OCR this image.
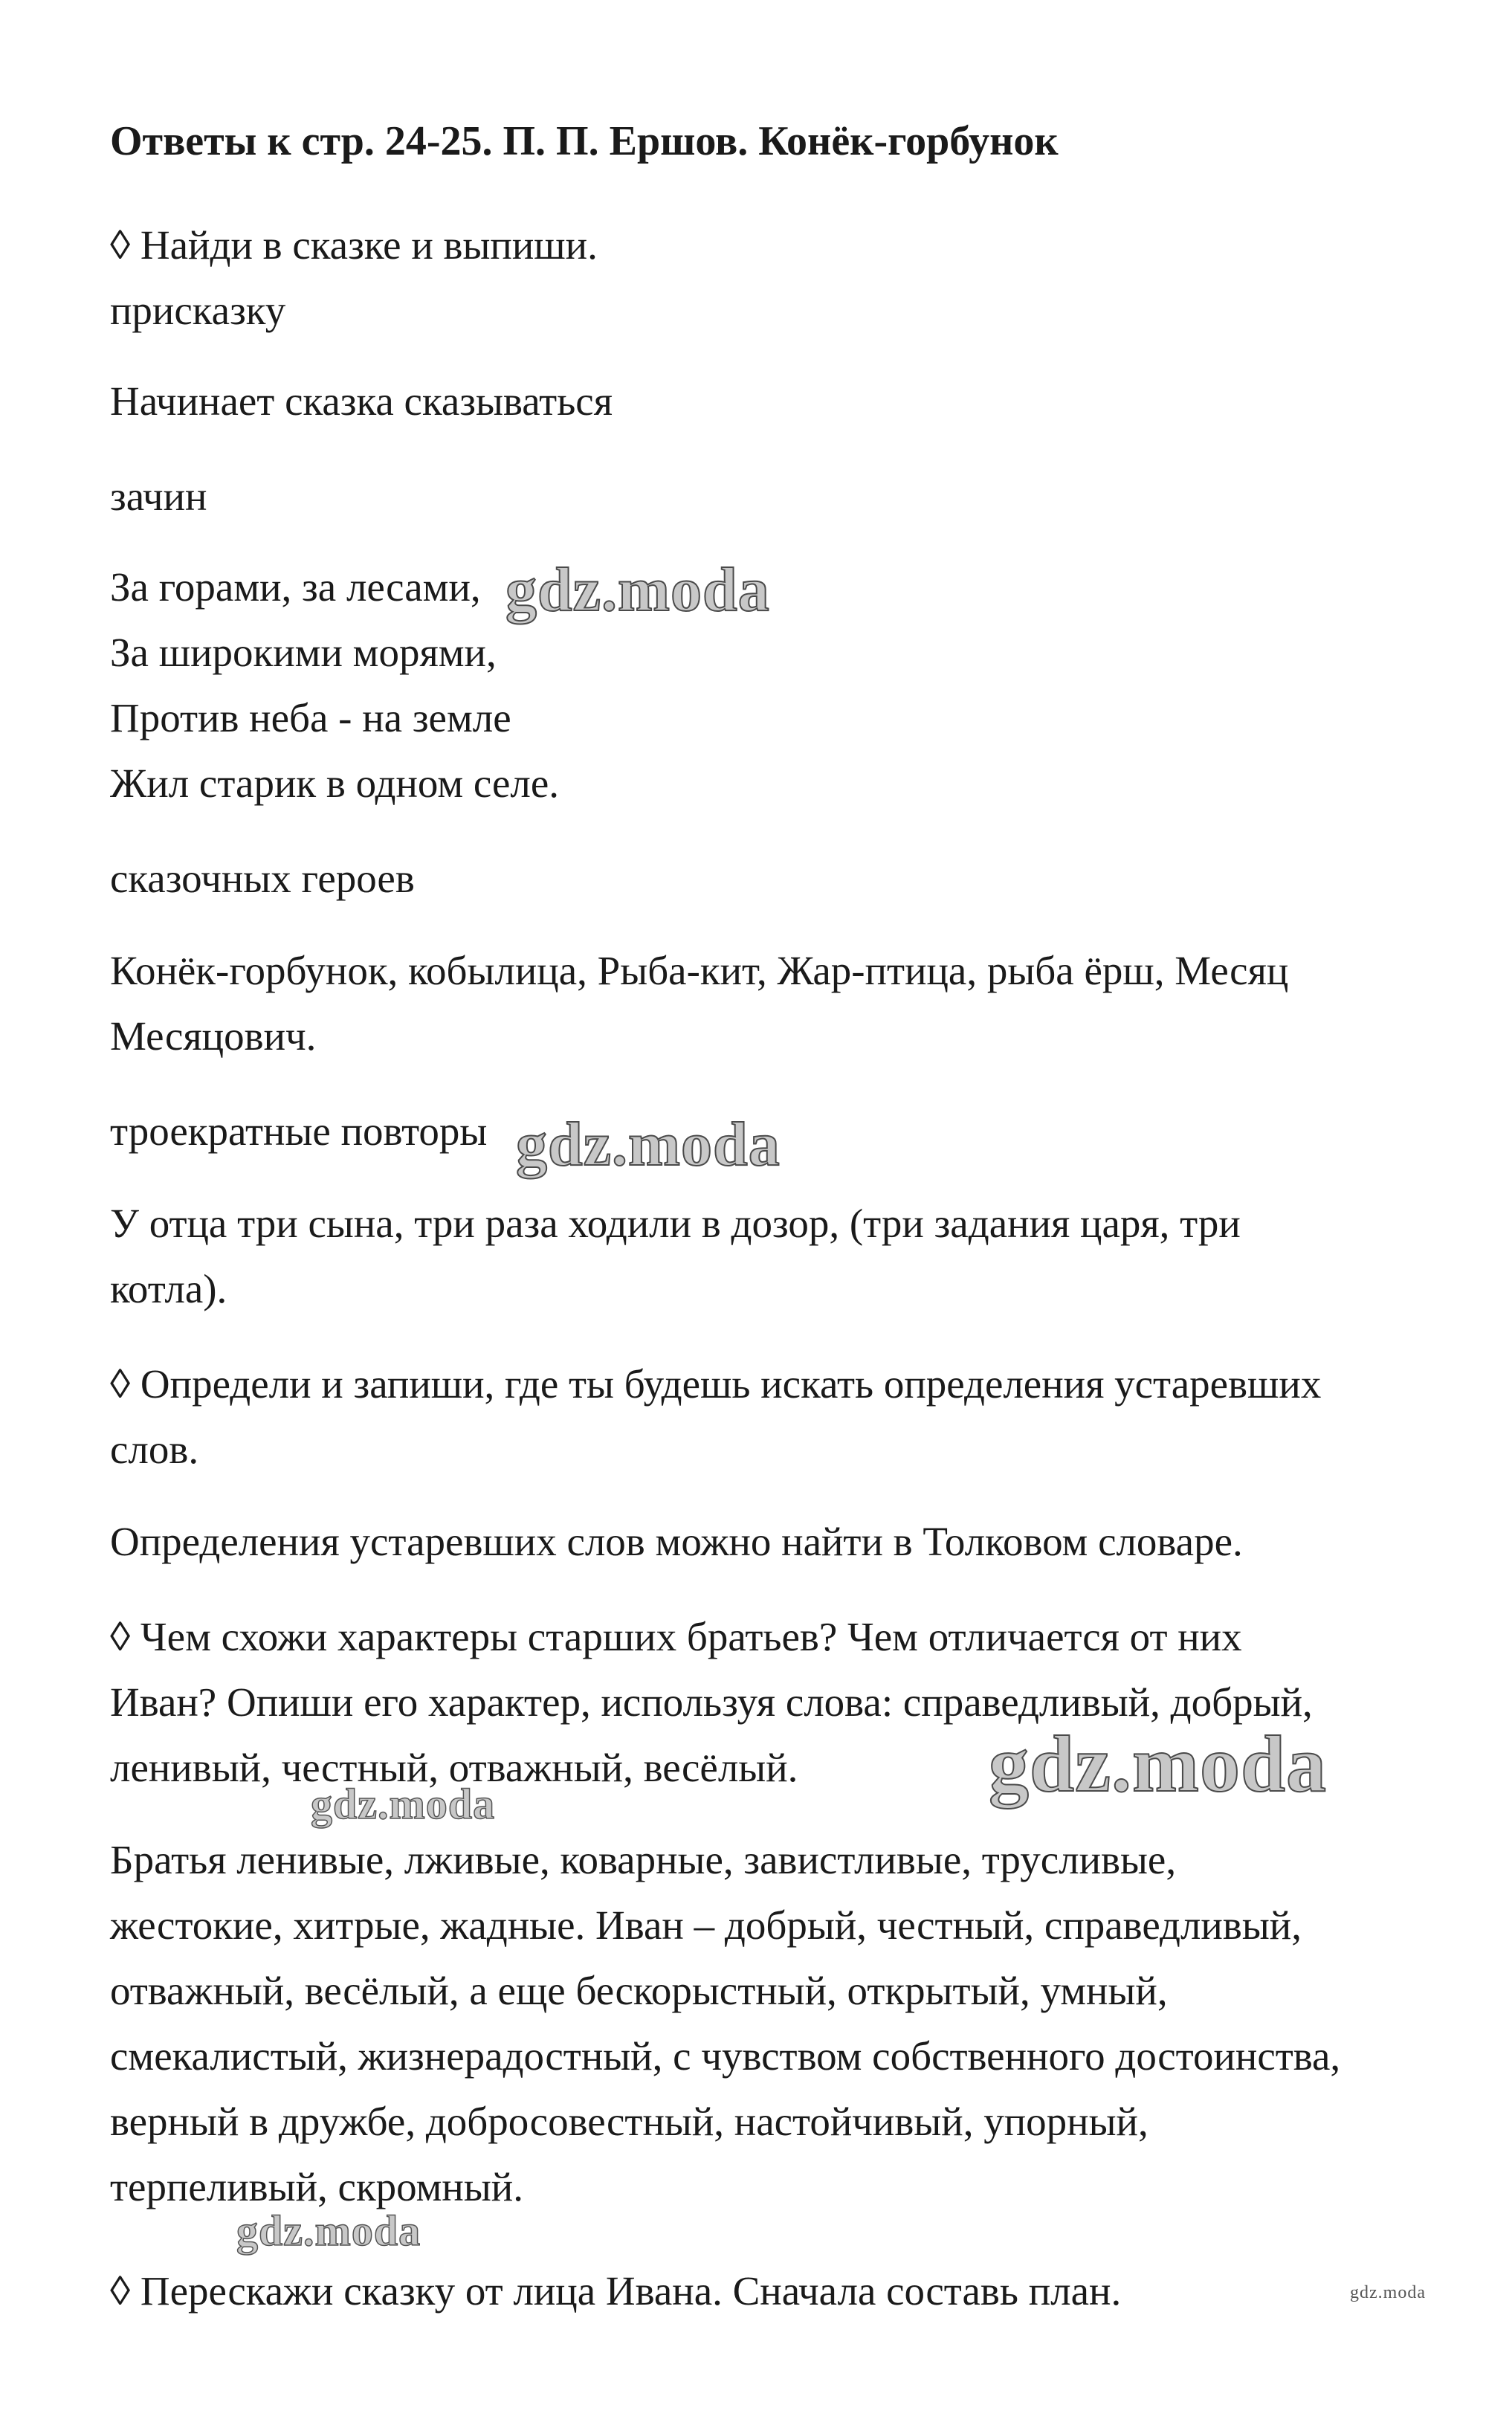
Ответы к стр. 24-25. П. П. Ершов. Конёк-горбунок

◊ Найди в сказке и выпиши.

присказку

Начинает сказка сказываться

зачин

За горами, за лесами,

За широкими морями,

Против неба - на земле

Жил старик в одном селе.

сказочных героев

Конёк-горбунок, кобылица, Рыба-кит, Жар-птица, рыба ёрш, Месяц

Месяцович.

троекратные повторы

У отца три сына, три раза ходили в дозор, (три задания царя, три

котла).

◊ Определи и запиши, где ты будешь искать определения устаревших

слов.

Определения устаревших слов можно найти в Толковом словаре.

◊ Чем схожи характеры старших братьев? Чем отличается от них

Иван? Опиши его характер, используя слова: справедливый, добрый,

ленивый, честный, отважный, весёлый.

Братья ленивые, лживые, коварные, завистливые, трусливые,

жестокие, хитрые, жадные. Иван – добрый, честный, справедливый,

отважный, весёлый, а еще бескорыстный, открытый, умный,

смекалистый, жизнерадостный, с чувством собственного достоинства,

верный в дружбе, добросовестный, настойчивый, упорный,

терпеливый, скромный.

◊ Перескажи сказку от лица Ивана. Сначала составь план.

gdz.moda
gdz.moda
gdz.moda
gdz.moda
gdz.moda
gdz.moda
